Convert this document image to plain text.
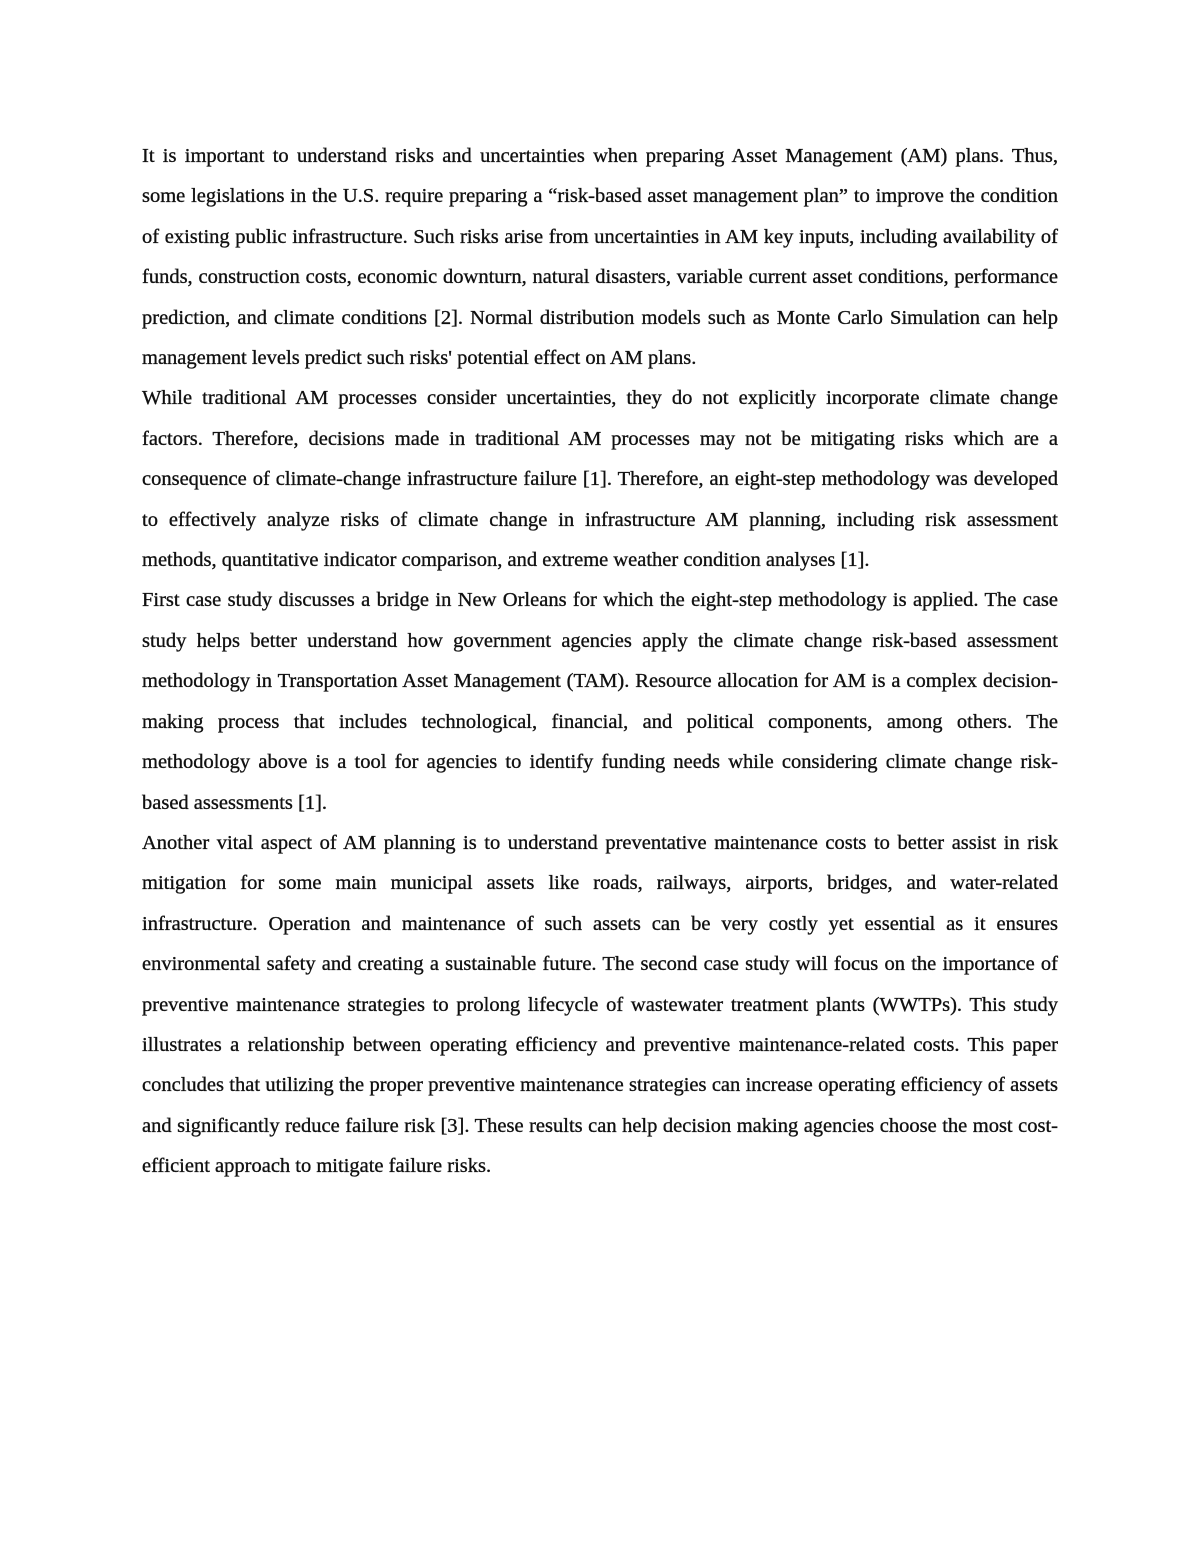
It is important to understand risks and uncertainties when preparing Asset Management (AM) plans. Thus, some legislations in the U.S. require preparing a “risk-based asset management plan” to improve the condition of existing public infrastructure. Such risks arise from uncertainties in AM key inputs, including availability of funds, construction costs, economic downturn, natural disasters, variable current asset conditions, performance prediction, and climate conditions [2]. Normal distribution models such as Monte Carlo Simulation can help management levels predict such risks' potential effect on AM plans.

While traditional AM processes consider uncertainties, they do not explicitly incorporate climate change factors. Therefore, decisions made in traditional AM processes may not be mitigating risks which are a consequence of climate-change infrastructure failure [1]. Therefore, an eight-step methodology was developed to effectively analyze risks of climate change in infrastructure AM planning, including risk assessment methods, quantitative indicator comparison, and extreme weather condition analyses [1].

First case study discusses a bridge in New Orleans for which the eight-step methodology is applied. The case study helps better understand how government agencies apply the climate change risk-based assessment methodology in Transportation Asset Management (TAM). Resource allocation for AM is a complex decision-making process that includes technological, financial, and political components, among others. The methodology above is a tool for agencies to identify funding needs while considering climate change risk-based assessments [1].

Another vital aspect of AM planning is to understand preventative maintenance costs to better assist in risk mitigation for some main municipal assets like roads, railways, airports, bridges, and water-related infrastructure. Operation and maintenance of such assets can be very costly yet essential as it ensures environmental safety and creating a sustainable future. The second case study will focus on the importance of preventive maintenance strategies to prolong lifecycle of wastewater treatment plants (WWTPs). This study illustrates a relationship between operating efficiency and preventive maintenance-related costs. This paper concludes that utilizing the proper preventive maintenance strategies can increase operating efficiency of assets and significantly reduce failure risk [3]. These results can help decision making agencies choose the most cost-efficient approach to mitigate failure risks.
